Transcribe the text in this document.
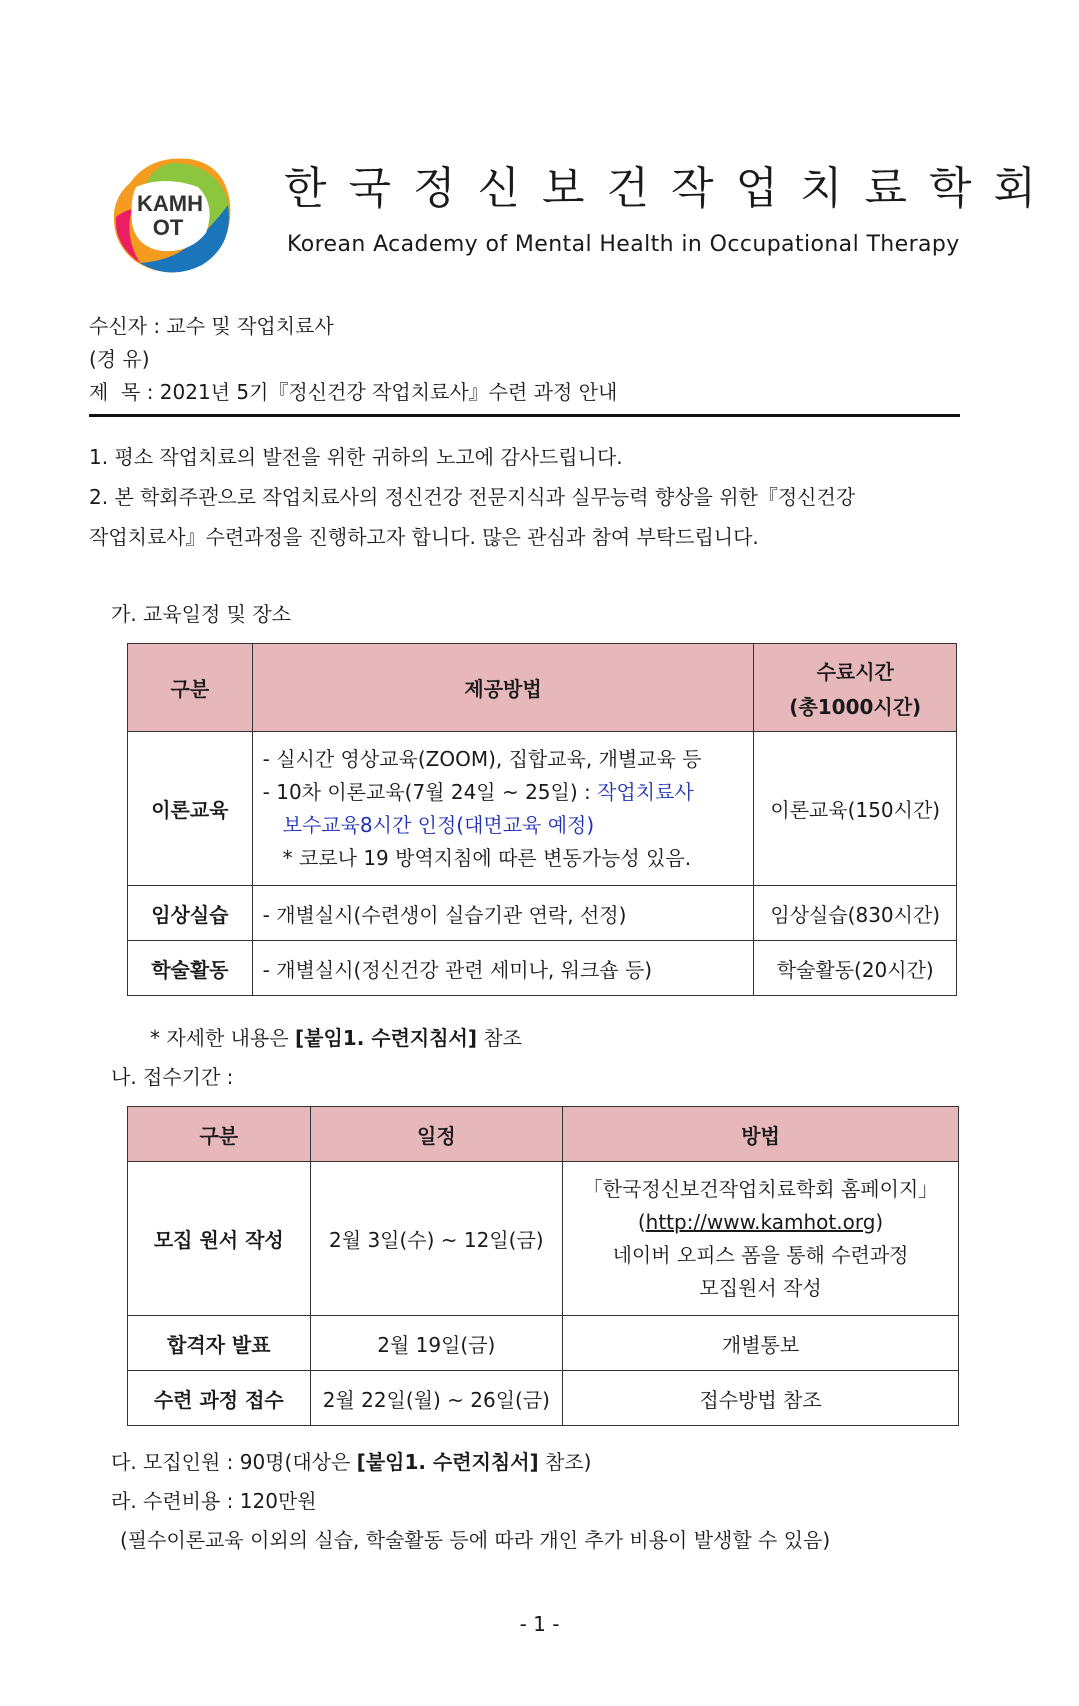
KAMH
OT
한국정신보건작업치료학회
Korean Academy of Mental Health in Occupational Therapy
수신자 : 교수 및 작업치료사
(경 유)
제  목 : 2021년 5기『정신건강 작업치료사』수련 과정 안내
1. 평소 작업치료의 발전을 위한 귀하의 노고에 감사드립니다.
2. 본 학회주관으로 작업치료사의 정신건강 전문지식과 실무능력 향상을 위한『정신건강
작업치료사』수련과정을 진행하고자 합니다. 많은 관심과 참여 부탁드립니다.
가. 교육일정 및 장소
구분	제공방법	수료시간
(총1000시간)

이론교육	- 실시간 영상교육(ZOOM), 집합교육, 개별교육 등
- 10차 이론교육(7월 24일 ~ 25일) : 작업치료사
보수교육8시간 인정(대면교육 예정)
* 코로나 19 방역지침에 따른 변동가능성 있음.	이론교육(150시간)
임상실습	- 개별실시(수련생이 실습기관 연락, 선정)	임상실습(830시간)
학술활동	- 개별실시(정신건강 관련 세미나, 워크숍 등)	학술활동(20시간)
* 자세한 내용은 [붙임1. 수련지침서] 참조
나. 접수기간 :
구분	일정	방법
모집 원서 작성	2월 3일(수) ~ 12일(금)	「한국정신보건작업치료학회 홈페이지」
(http://www.kamhot.org)
네이버 오피스 폼을 통해 수련과정
모집원서 작성

합격자 발표	2월 19일(금)	개별통보
수련 과정 접수	2월 22일(월) ~ 26일(금)	접수방법 참조
다. 모집인원 : 90명(대상은 [붙임1. 수련지침서] 참조)
라. 수련비용 : 120만원
(필수이론교육 이외의 실습, 학술활동 등에 따라 개인 추가 비용이 발생할 수 있음)
- 1 -
